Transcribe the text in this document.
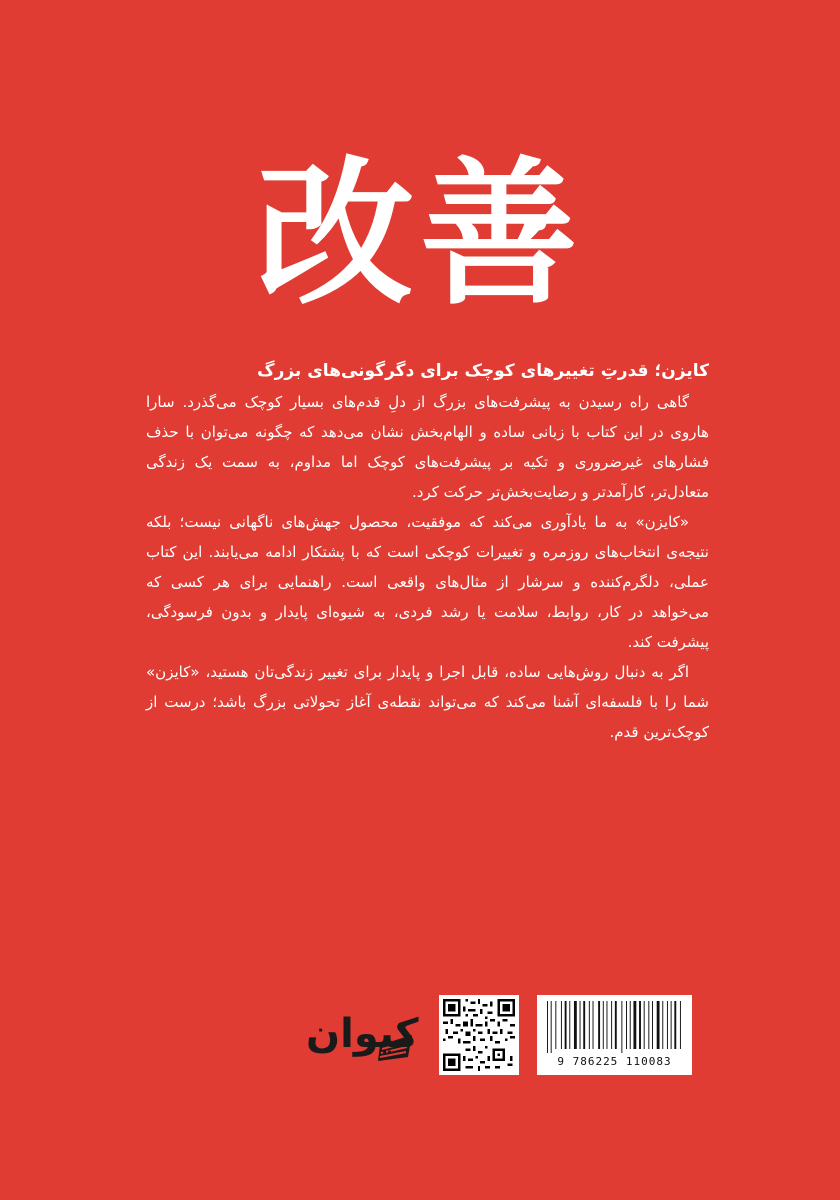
改善

کایزن؛ قدرتِ تغییرهای کوچک برای دگرگونی‌های بزرگ

گاهی راه رسیدن به پیشرفت‌های بزرگ از دلِ قدم‌های بسیار کوچک می‌گذرد. سارا هاروی در این کتاب با زبانی ساده و الهام‌بخش نشان می‌دهد که چگونه می‌توان با حذف فشارهای غیرضروری و تکیه بر پیشرفت‌های کوچک اما مداوم، به سمت یک زندگی متعادل‌تر، کارآمدتر و رضایت‌بخش‌تر حرکت کرد.

«کایزن» به ما یادآوری می‌کند که موفقیت، محصول جهش‌های ناگهانی نیست؛ بلکه نتیجه‌ی انتخاب‌های روزمره و تغییرات کوچکی است که با پشتکار ادامه می‌یابند. این کتاب عملی، دلگرم‌کننده و سرشار از مثال‌های واقعی است. راهنمایی برای هر کسی که می‌خواهد در کار، روابط، سلامت یا رشد فردی، به شیوه‌ای پایدار و بدون فرسودگی، پیشرفت کند.

اگر به دنبال روش‌هایی ساده، قابل اجرا و پایدار برای تغییر زندگی‌تان هستید، «کایزن» شما را با فلسفه‌ای آشنا می‌کند که می‌تواند نقطه‌ی آغاز تحولاتی بزرگ باشد؛ درست از کوچک‌ترین قدم.

کیوان
9 786225 110083
